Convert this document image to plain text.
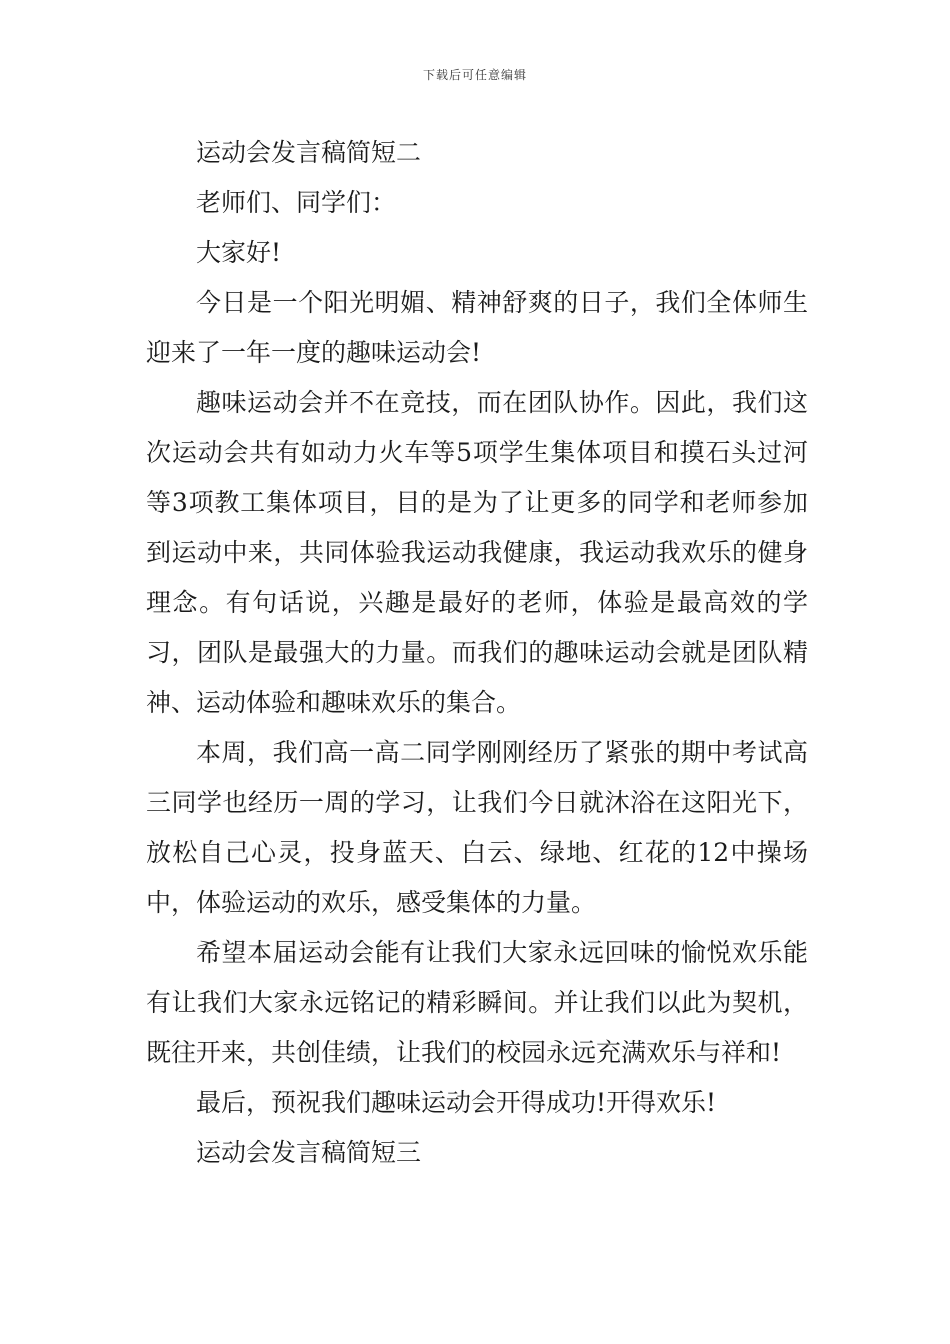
下载后可任意编辑

运动会发言稿简短二

老师们、同学们：

大家好!

今日是一个阳光明媚、精神舒爽的日子，我们全体师生迎来了一年一度的趣味运动会!

趣味运动会并不在竞技，而在团队协作。因此，我们这次运动会共有如动力火车等5项学生集体项目和摸石头过河等3项教工集体项目，目的是为了让更多的同学和老师参加到运动中来，共同体验我运动我健康，我运动我欢乐的健身理念。有句话说，兴趣是最好的老师，体验是最高效的学习，团队是最强大的力量。而我们的趣味运动会就是团队精神、运动体验和趣味欢乐的集合。

本周，我们高一高二同学刚刚经历了紧张的期中考试高三同学也经历一周的学习，让我们今日就沐浴在这阳光下，放松自己心灵，投身蓝天、白云、绿地、红花的12中操场中，体验运动的欢乐，感受集体的力量。

希望本届运动会能有让我们大家永远回味的愉悦欢乐能有让我们大家永远铭记的精彩瞬间。并让我们以此为契机，既往开来，共创佳绩，让我们的校园永远充满欢乐与祥和!

最后，预祝我们趣味运动会开得成功!开得欢乐!

运动会发言稿简短三
